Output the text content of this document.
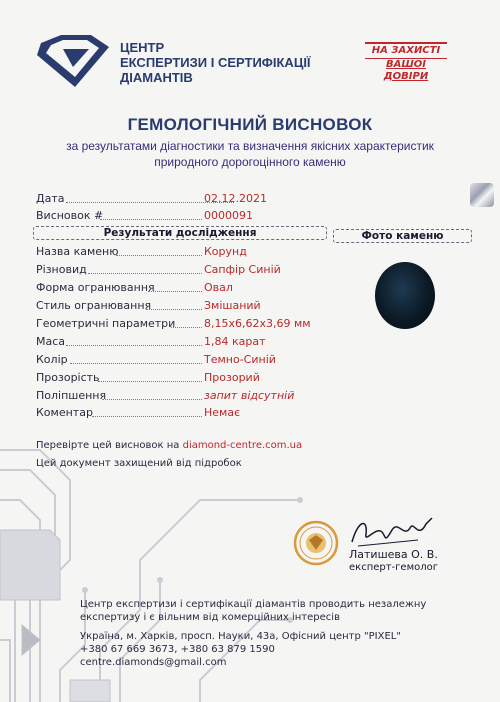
ЦЕНТР
ЕКСПЕРТИЗИ І СЕРТИФІКАЦІЇ
ДІАМАНТІВ
НА ЗАХИСТІ
ВАШОЇ
ДОВІРИ
ГЕМОЛОГІЧНИЙ ВИСНОВОК
за результатами діагностики та визначення якісних характеристик
природного дорогоцінного каменю
Дата	02.12.2021
Висновок #	0000091
Результати дослідження	Фото каменю
Назва каменю	Корунд
Різновид	Сапфір Синій
Форма огранювання	Овал
Стиль огранювання	Змішаний
Геометричні параметри	8,15x6,62x3,69 мм
Маса	1,84 карат
Колір	Темно-Синій
Прозорість	Прозорий
Поліпшення	запит відсутній
Коментар	Немає
Перевірте цей висновок на diamond-centre.com.ua
Цей документ захищений від підробок
Латишева О. В.
експерт-гемолог
Центр експертизи і сертифікації діамантів проводить незалежну
експертизу і є вільним від комерційних інтересів
Україна, м. Харків, просп. Науки, 43а, Офісний центр "PIXEL"
+380 67 669 3673, +380 63 879 1590
centre.diamonds@gmail.com
